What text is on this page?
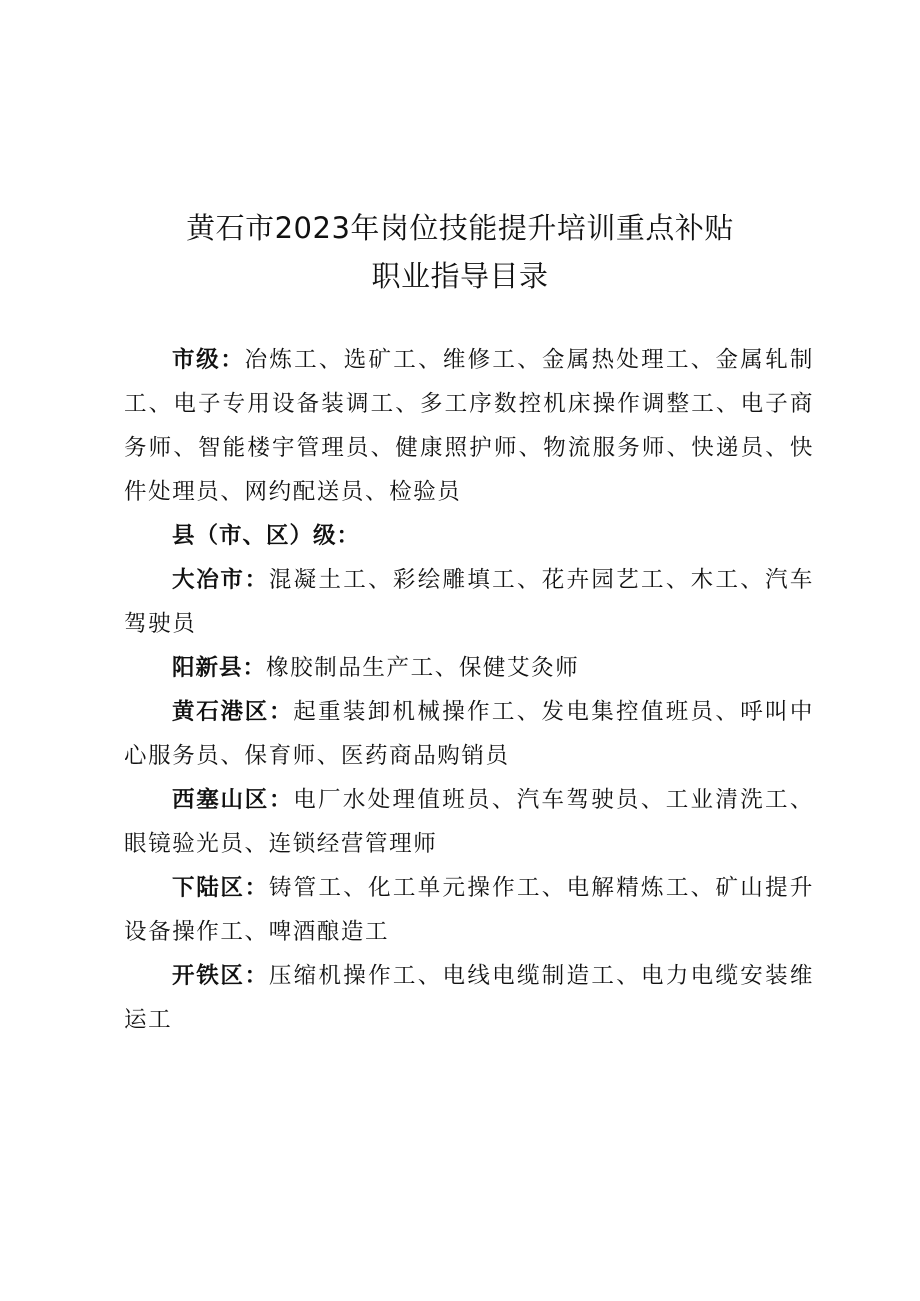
黄石市2023年岗位技能提升培训重点补贴
职业指导目录

市级：冶炼工、选矿工、维修工、金属热处理工、金属轧制工、电子专用设备装调工、多工序数控机床操作调整工、电子商务师、智能楼宇管理员、健康照护师、物流服务师、快递员、快件处理员、网约配送员、检验员

县（市、区）级：

大冶市：混凝土工、彩绘雕填工、花卉园艺工、木工、汽车驾驶员

阳新县：橡胶制品生产工、保健艾灸师

黄石港区：起重装卸机械操作工、发电集控值班员、呼叫中心服务员、保育师、医药商品购销员

西塞山区：电厂水处理值班员、汽车驾驶员、工业清洗工、眼镜验光员、连锁经营管理师

下陆区：铸管工、化工单元操作工、电解精炼工、矿山提升设备操作工、啤酒酿造工

开铁区：压缩机操作工、电线电缆制造工、电力电缆安装维运工
